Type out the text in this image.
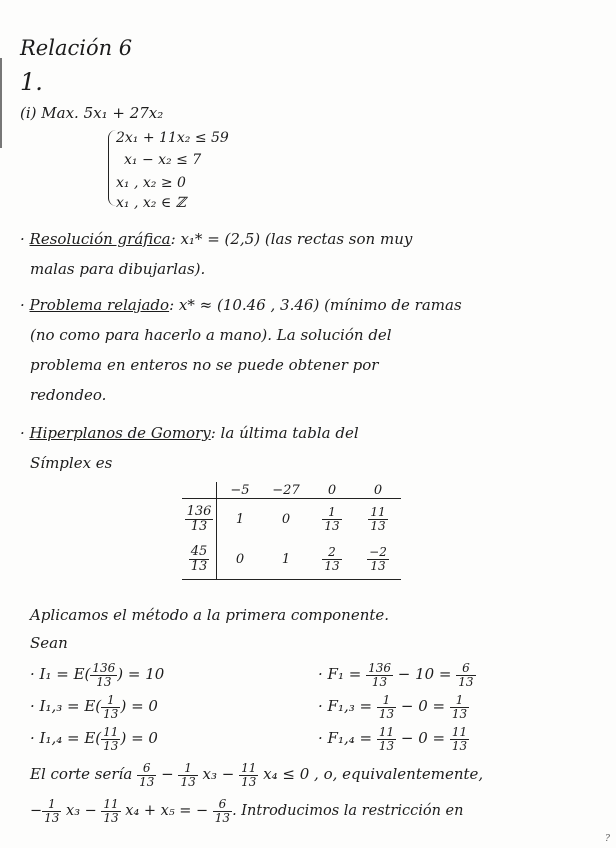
Relación 6
1.
(i) Max. 5x₁ + 27x₂
2x₁ + 11x₂ ≤ 59
x₁ − x₂ ≤ 7
x₁ , x₂ ≥ 0
x₁ , x₂ ∈ ℤ
· Resolución gráfica: x₁* = (2,5) (las rectas son muy
malas para dibujarlas).
· Problema relajado: x* ≈ (10.46 , 3.46) (mínimo de ramas
(no como para hacerlo a mano). La solución del
problema en enteros no se puede obtener por
redondeo.
· Hiperplanos de Gomory: la última tabla del
Símplex es
	−5	−27	0	0

$\frac{136}{13}$	1	0	$\frac{1}{13}$	$\frac{11}{13}$

$\frac{45}{13}$	0	1	$\frac{2}{13}$	$\frac{-2}{13}$
Aplicamos el método a la primera componente.
Sean
· $I_1 = E( \frac{136}{13}$ ) = 10
· $I_1,_3 = E( \frac{1}{13}$ ) = 0
· $I_1,_4 = E( \frac{11}{13}$ ) = 0
· $F_1 = \frac{136}{13} - 10 = \frac{6}{13}$
· $F_1,_3 = \frac{1}{13} - 0 = \frac{1}{13}$
· $F_1,_4 = \frac{11}{13} - 0 = \frac{11}{13}$
El corte sería $\frac{6}{13} - \frac{1}{13} x_3 - \frac{11}{13} x_4 \le 0$ , o, equivalentemente,
− $\frac{1}{13} x_3 - \frac{11}{13} x_4 + x_5$ = − $\frac{6}{13}$ . Introducimos la restricción en
?
